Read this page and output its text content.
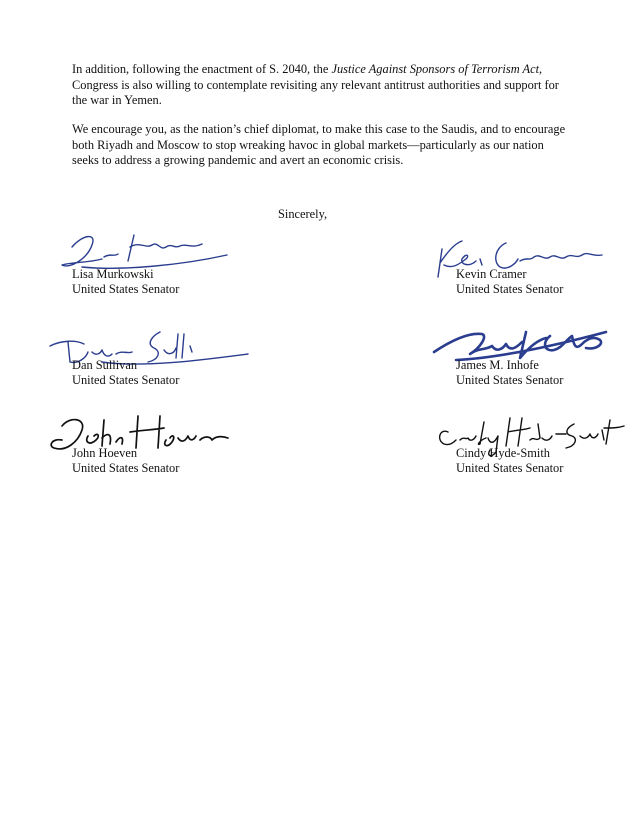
In addition, following the enactment of S. 2040, the Justice Against Sponsors of Terrorism Act, Congress is also willing to contemplate revisiting any relevant antitrust authorities and support for the war in Yemen.
We encourage you, as the nation’s chief diplomat, to make this case to the Saudis, and to encourage both Riyadh and Moscow to stop wreaking havoc in global markets—particularly as our nation seeks to address a growing pandemic and avert an economic crisis.
Sincerely,
Lisa Murkowski
United States Senator
Kevin Cramer
United States Senator
Dan Sullivan
United States Senator
James M. Inhofe
United States Senator
John Hoeven
United States Senator
Cindy Hyde-Smith
United States Senator
